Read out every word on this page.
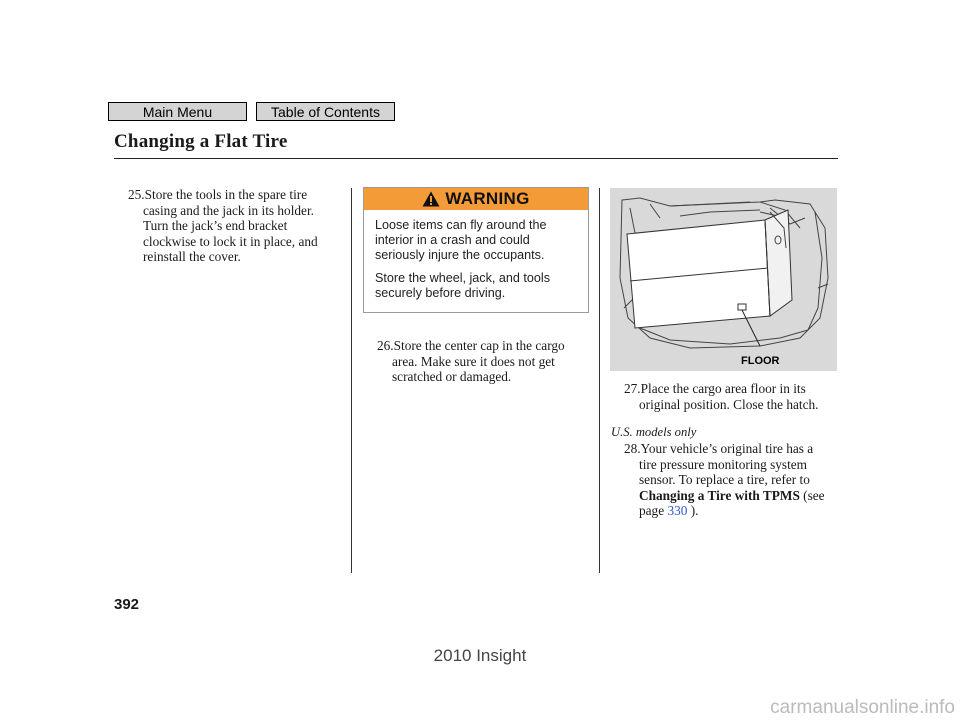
Main Menu	Table of Contents
Changing a Flat Tire
25.Store the tools in the spare tire
casing and the jack in its holder.
Turn the jack’s end bracket
clockwise to lock it in place, and
reinstall the cover.
WARNING

Loose items can fly around the interior in a crash and could seriously injure the occupants.

Store the wheel, jack, and tools securely before driving.

26.Store the center cap in the cargo
area. Make sure it does not get
scratched or damaged.
FLOOR
27.Place the cargo area floor in its
original position. Close the hatch.
U.S. models only
28.Your vehicle’s original tire has a
tire pressure monitoring system
sensor. To replace a tire, refer to
Changing a Tire with TPMS (see
page 330 ).
392
2010 Insight
carmanualsonline.info
